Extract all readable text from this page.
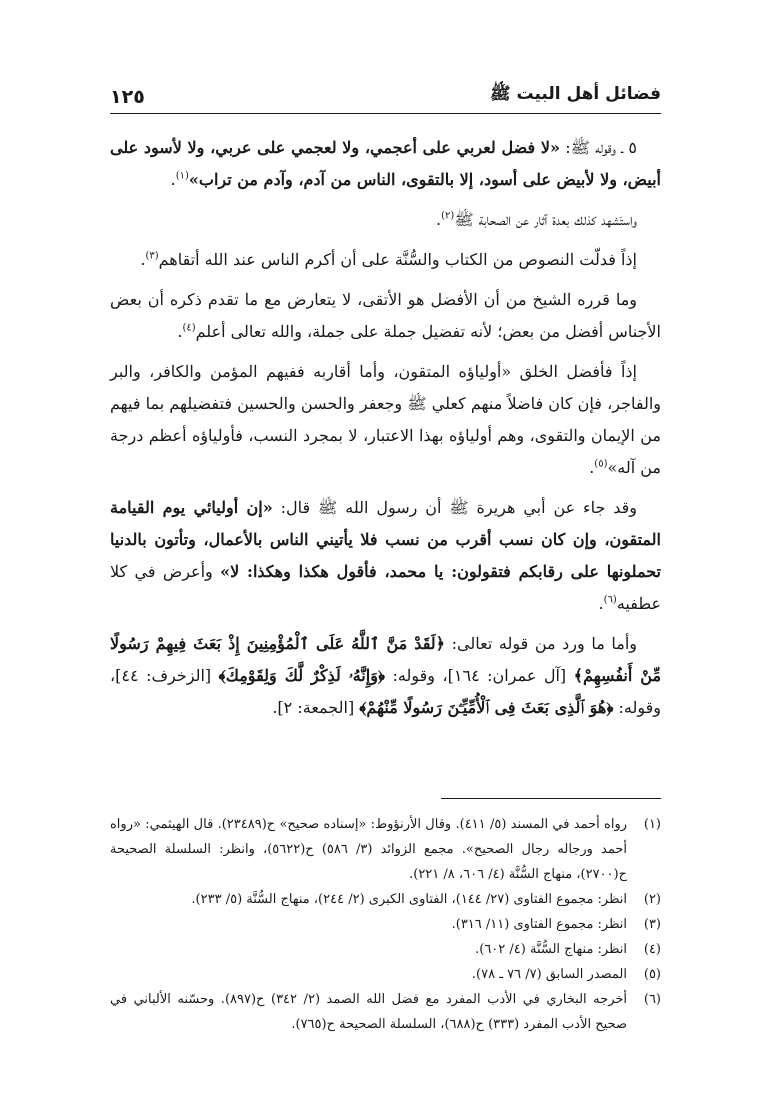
فضائل أهل البيت ﷺ
١٢٥

٥ ـ وقوله ﷺ: «لا فضل لعربي على أعجمي، ولا لعجمي على عربي، ولا لأسود على أبيض، ولا لأبيض على أسود، إلا بالتقوى، الناس من آدم، وآدم من تراب»$^{(١)}$.

واستَشهد كذلك بعدة آثار عن الصحابة ﷺ$^{(٢)}$.

إذاً فدلّت النصوص من الكتاب والسُّنَّة على أن أكرم الناس عند الله أتقاهم$^{(٣)}$.

وما قرره الشيخ من أن الأفضل هو الأتقى، لا يتعارض مع ما تقدم ذكره أن بعض الأجناس أفضل من بعض؛ لأنه تفضيل جملة على جملة، والله تعالى أعلم$^{(٤)}$.

إذاً فأفضل الخلق «أولياؤه المتقون، وأما أقاربه ففيهم المؤمن والكافر، والبر والفاجر، فإن كان فاضلاً منهم كعلي ﷺ وجعفر والحسن والحسين فتفضيلهم بما فيهم من الإيمان والتقوى، وهم أولياؤه بهذا الاعتبار، لا بمجرد النسب، فأولياؤه أعظم درجة من آله»$^{(٥)}$.

وقد جاء عن أبي هريرة ﷺ أن رسول الله ﷺ قال: «إن أوليائي يوم القيامة المتقون، وإن كان نسب أقرب من نسب فلا يأتيني الناس بالأعمال، وتأتون بالدنيا تحملونها على رقابكم فتقولون: يا محمد، فأقول هكذا وهكذا: لا» وأعرض في كلا عطفيه$^{(٦)}$.

وأما ما ورد من قوله تعالى: ﴿لَقَدْ مَنَّ ٱللَّهُ عَلَى ٱلْمُؤْمِنِينَ إِذْ بَعَثَ فِيهِمْ رَسُولًا مِّنْ أَنفُسِهِمْ﴾ [آل عمران: ١٦٤]، وقوله: ﴿وَإِنَّهُۥ لَذِكْرٌ لَّكَ وَلِقَوْمِكَ﴾ [الزخرف: ٤٤]، وقوله: ﴿هُوَ ٱلَّذِى بَعَثَ فِى ٱلْأُمِّيِّـۧنَ رَسُولًا مِّنْهُمْ﴾ [الجمعة: ٢].

(١)
رواه أحمد في المسند (٥/ ٤١١). وقال الأرنؤوط: «إسناده صحيح» ح(٢٣٤٨٩). قال الهيثمي: «رواه أحمد ورجاله رجال الصحيح». مجمع الزوائد (٣/ ٥٨٦) ح(٥٦٢٢)، وانظر: السلسلة الصحيحة ح(٢٧٠٠)، منهاج السُّنَّة (٤/ ٦٠٦، ٨/ ٢٢١).
(٢)
انظر: مجموع الفتاوى (٢٧/ ١٤٤)، الفتاوى الكبرى (٢/ ٢٤٤)، منهاج السُّنَّة (٥/ ٢٣٣).
(٣)
انظر: مجموع الفتاوى (١١/ ٣١٦).
(٤)
انظر: منهاج السُّنَّة (٤/ ٦٠٢).
(٥)
المصدر السابق (٧/ ٧٦ ـ ٧٨).
(٦)
أخرجه البخاري في الأدب المفرد مع فضل الله الصمد (٢/ ٣٤٢) ح(٨٩٧). وحسّنه الألباني في صحيح الأدب المفرد (٣٣٣) ح(٦٨٨)، السلسلة الصحيحة ح(٧٦٥).
